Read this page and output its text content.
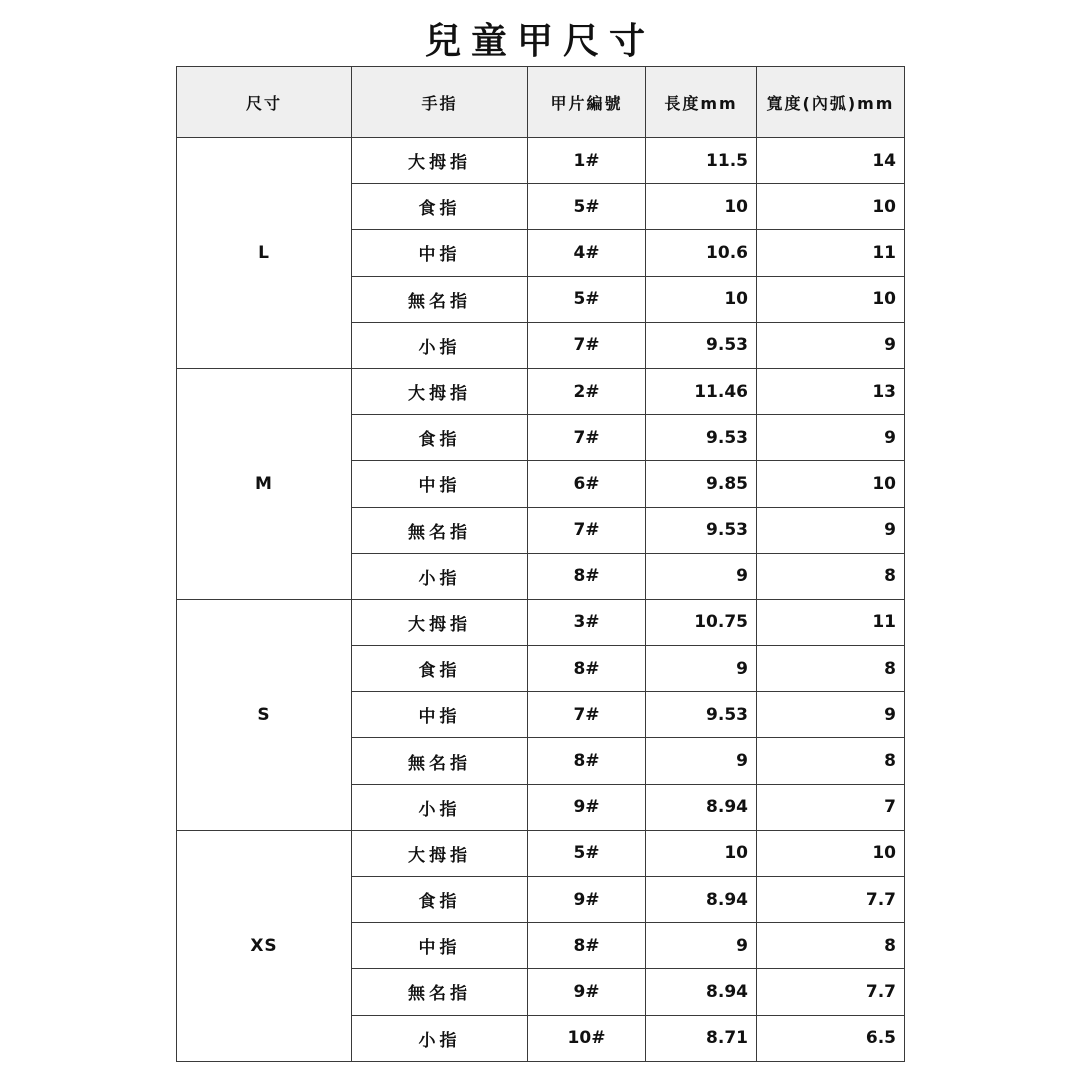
兒童甲尺寸
尺寸	手指	甲片編號	長度mm	寬度(內弧)mm
L	大拇指	1#	11.5	14
	食指	5#	10	10
	中指	4#	10.6	11
	無名指	5#	10	10
	小指	7#	9.53	9
M	大拇指	2#	11.46	13
	食指	7#	9.53	9
	中指	6#	9.85	10
	無名指	7#	9.53	9
	小指	8#	9	8
S	大拇指	3#	10.75	11
	食指	8#	9	8
	中指	7#	9.53	9
	無名指	8#	9	8
	小指	9#	8.94	7
XS	大拇指	5#	10	10
	食指	9#	8.94	7.7
	中指	8#	9	8
	無名指	9#	8.94	7.7
	小指	10#	8.71	6.5
